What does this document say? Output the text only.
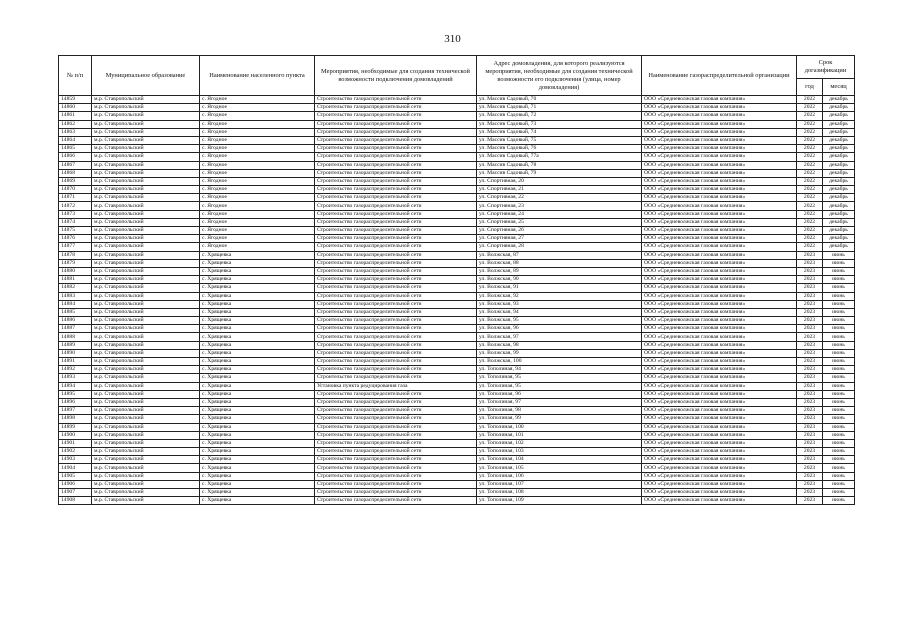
310
№ п/п	Муниципальное образование	Наименование населенного пункта	Мероприятия, необходимые для создания технической возможности подключения домовладений	Адрес домовладения, для которого реализуются мероприятия, необходимые для создания технической возможности его подключения (улица, номер домовладения)	Наименование газораспределительной организации	Срок догазификации	
						год	месяц
14859	м.р. Ставропольский	с. Ягодное	Строительство газораспределительной сети	ул. Массив Садовый, 70	ООО «Средневолжская газовая компания»	2022	декабрь
14860	м.р. Ставропольский	с. Ягодное	Строительство газораспределительной сети	ул. Массив Садовый, 71	ООО «Средневолжская газовая компания»	2022	декабрь
14861	м.р. Ставропольский	с. Ягодное	Строительство газораспределительной сети	ул. Массив Садовый, 72	ООО «Средневолжская газовая компания»	2022	декабрь
14862	м.р. Ставропольский	с. Ягодное	Строительство газораспределительной сети	ул. Массив Садовый, 73	ООО «Средневолжская газовая компания»	2022	декабрь
14863	м.р. Ставропольский	с. Ягодное	Строительство газораспределительной сети	ул. Массив Садовый, 74	ООО «Средневолжская газовая компания»	2022	декабрь
14864	м.р. Ставропольский	с. Ягодное	Строительство газораспределительной сети	ул. Массив Садовый, 75	ООО «Средневолжская газовая компания»	2022	декабрь
14865	м.р. Ставропольский	с. Ягодное	Строительство газораспределительной сети	ул. Массив Садовый, 76	ООО «Средневолжская газовая компания»	2022	декабрь
14866	м.р. Ставропольский	с. Ягодное	Строительство газораспределительной сети	ул. Массив Садовый, 77а	ООО «Средневолжская газовая компания»	2022	декабрь
14867	м.р. Ставропольский	с. Ягодное	Строительство газораспределительной сети	ул. Массив Садовый, 78	ООО «Средневолжская газовая компания»	2022	декабрь
14868	м.р. Ставропольский	с. Ягодное	Строительство газораспределительной сети	ул. Массив Садовый, 79	ООО «Средневолжская газовая компания»	2022	декабрь
14869	м.р. Ставропольский	с. Ягодное	Строительство газораспределительной сети	ул. Спортивная, 20	ООО «Средневолжская газовая компания»	2022	декабрь
14870	м.р. Ставропольский	с. Ягодное	Строительство газораспределительной сети	ул. Спортивная, 21	ООО «Средневолжская газовая компания»	2022	декабрь
14871	м.р. Ставропольский	с. Ягодное	Строительство газораспределительной сети	ул. Спортивная, 22	ООО «Средневолжская газовая компания»	2022	декабрь
14872	м.р. Ставропольский	с. Ягодное	Строительство газораспределительной сети	ул. Спортивная, 23	ООО «Средневолжская газовая компания»	2022	декабрь
14873	м.р. Ставропольский	с. Ягодное	Строительство газораспределительной сети	ул. Спортивная, 24	ООО «Средневолжская газовая компания»	2022	декабрь
14874	м.р. Ставропольский	с. Ягодное	Строительство газораспределительной сети	ул. Спортивная, 25	ООО «Средневолжская газовая компания»	2022	декабрь
14875	м.р. Ставропольский	с. Ягодное	Строительство газораспределительной сети	ул. Спортивная, 26	ООО «Средневолжская газовая компания»	2022	декабрь
14876	м.р. Ставропольский	с. Ягодное	Строительство газораспределительной сети	ул. Спортивная, 27	ООО «Средневолжская газовая компания»	2022	декабрь
14877	м.р. Ставропольский	с. Ягодное	Строительство газораспределительной сети	ул. Спортивная, 28	ООО «Средневолжская газовая компания»	2022	декабрь
14878	м.р. Ставропольский	с. Хрящевка	Строительство газораспределительной сети	ул. Волжская, 87	ООО «Средневолжская газовая компания»	2023	июнь
14879	м.р. Ставропольский	с. Хрящевка	Строительство газораспределительной сети	ул. Волжская, 88	ООО «Средневолжская газовая компания»	2023	июнь
14880	м.р. Ставропольский	с. Хрящевка	Строительство газораспределительной сети	ул. Волжская, 89	ООО «Средневолжская газовая компания»	2023	июнь
14881	м.р. Ставропольский	с. Хрящевка	Строительство газораспределительной сети	ул. Волжская, 90	ООО «Средневолжская газовая компания»	2023	июнь
14882	м.р. Ставропольский	с. Хрящевка	Строительство газораспределительной сети	ул. Волжская, 91	ООО «Средневолжская газовая компания»	2023	июнь
14883	м.р. Ставропольский	с. Хрящевка	Строительство газораспределительной сети	ул. Волжская, 92	ООО «Средневолжская газовая компания»	2023	июнь
14884	м.р. Ставропольский	с. Хрящевка	Строительство газораспределительной сети	ул. Волжская, 93	ООО «Средневолжская газовая компания»	2023	июнь
14885	м.р. Ставропольский	с. Хрящевка	Строительство газораспределительной сети	ул. Волжская, 94	ООО «Средневолжская газовая компания»	2023	июнь
14886	м.р. Ставропольский	с. Хрящевка	Строительство газораспределительной сети	ул. Волжская, 95	ООО «Средневолжская газовая компания»	2023	июнь
14887	м.р. Ставропольский	с. Хрящевка	Строительство газораспределительной сети	ул. Волжская, 96	ООО «Средневолжская газовая компания»	2023	июнь
14888	м.р. Ставропольский	с. Хрящевка	Строительство газораспределительной сети	ул. Волжская, 97	ООО «Средневолжская газовая компания»	2023	июнь
14889	м.р. Ставропольский	с. Хрящевка	Строительство газораспределительной сети	ул. Волжская, 98	ООО «Средневолжская газовая компания»	2023	июнь
14890	м.р. Ставропольский	с. Хрящевка	Строительство газораспределительной сети	ул. Волжская, 99	ООО «Средневолжская газовая компания»	2023	июнь
14891	м.р. Ставропольский	с. Хрящевка	Строительство газораспределительной сети	ул. Волжская, 100	ООО «Средневолжская газовая компания»	2023	июнь
14892	м.р. Ставропольский	с. Хрящевка	Строительство газораспределительной сети	ул. Тополиная, 94	ООО «Средневолжская газовая компания»	2023	июнь
14893	м.р. Ставропольский	с. Хрящевка	Строительство газораспределительной сети	ул. Тополиная, 95	ООО «Средневолжская газовая компания»	2023	июнь
14894	м.р. Ставропольский	с. Хрящевка	Установка пункта редуцирования газа	ул. Тополиная, 95	ООО «Средневолжская газовая компания»	2023	июнь
14895	м.р. Ставропольский	с. Хрящевка	Строительство газораспределительной сети	ул. Тополиная, 96	ООО «Средневолжская газовая компания»	2023	июнь
14896	м.р. Ставропольский	с. Хрящевка	Строительство газораспределительной сети	ул. Тополиная, 97	ООО «Средневолжская газовая компания»	2023	июнь
14897	м.р. Ставропольский	с. Хрящевка	Строительство газораспределительной сети	ул. Тополиная, 98	ООО «Средневолжская газовая компания»	2023	июнь
14898	м.р. Ставропольский	с. Хрящевка	Строительство газораспределительной сети	ул. Тополиная, 99	ООО «Средневолжская газовая компания»	2023	июнь
14899	м.р. Ставропольский	с. Хрящевка	Строительство газораспределительной сети	ул. Тополиная, 100	ООО «Средневолжская газовая компания»	2023	июнь
14900	м.р. Ставропольский	с. Хрящевка	Строительство газораспределительной сети	ул. Тополиная, 101	ООО «Средневолжская газовая компания»	2023	июнь
14901	м.р. Ставропольский	с. Хрящевка	Строительство газораспределительной сети	ул. Тополиная, 102	ООО «Средневолжская газовая компания»	2023	июнь
14902	м.р. Ставропольский	с. Хрящевка	Строительство газораспределительной сети	ул. Тополиная, 103	ООО «Средневолжская газовая компания»	2023	июнь
14903	м.р. Ставропольский	с. Хрящевка	Строительство газораспределительной сети	ул. Тополиная, 104	ООО «Средневолжская газовая компания»	2023	июнь
14904	м.р. Ставропольский	с. Хрящевка	Строительство газораспределительной сети	ул. Тополиная, 105	ООО «Средневолжская газовая компания»	2023	июнь
14905	м.р. Ставропольский	с. Хрящевка	Строительство газораспределительной сети	ул. Тополиная, 106	ООО «Средневолжская газовая компания»	2023	июнь
14906	м.р. Ставропольский	с. Хрящевка	Строительство газораспределительной сети	ул. Тополиная, 107	ООО «Средневолжская газовая компания»	2023	июнь
14907	м.р. Ставропольский	с. Хрящевка	Строительство газораспределительной сети	ул. Тополиная, 108	ООО «Средневолжская газовая компания»	2023	июнь
14908	м.р. Ставропольский	с. Хрящевка	Строительство газораспределительной сети	ул. Тополиная, 109	ООО «Средневолжская газовая компания»	2023	июнь
